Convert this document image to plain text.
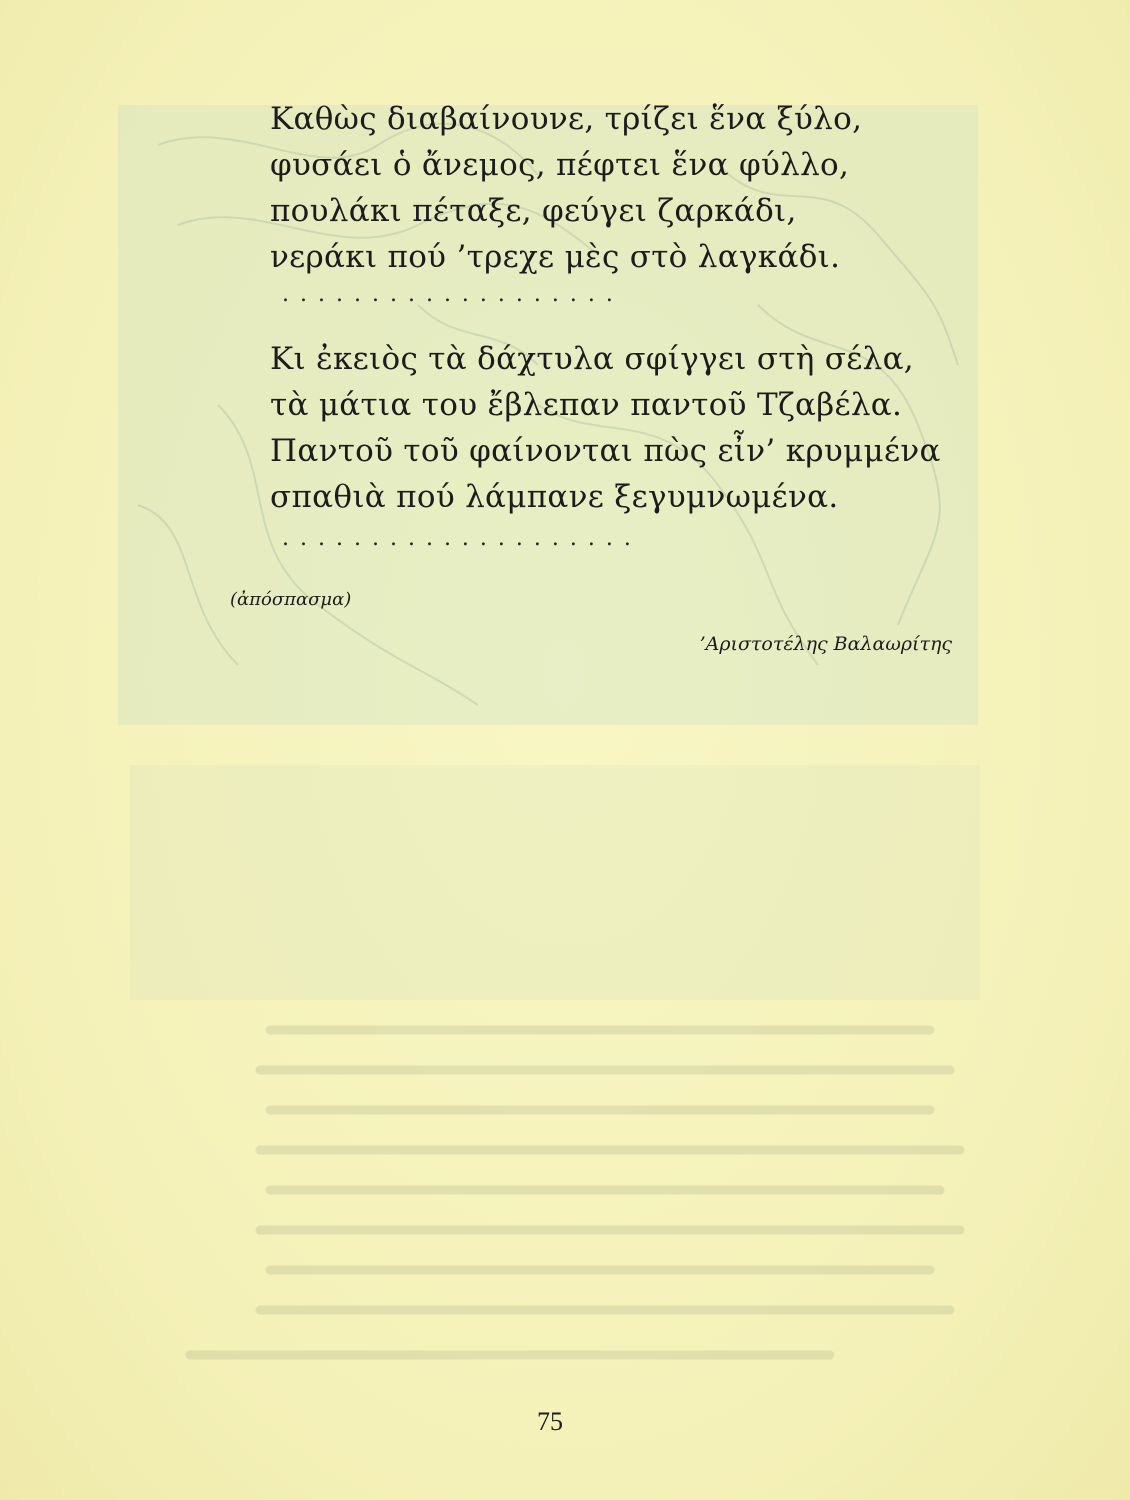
Καθὼς διαβαίνουνε, τρίζει ἕνα ξύλο,
φυσάει ὁ ἄνεμος, πέφτει ἕνα φύλλο,
πουλάκι πέταξε, φεύγει ζαρκάδι,
νεράκι πού ’τρεχε μὲς στὸ λαγκάδι.
...................
Κι ἐκειὸς τὰ δάχτυλα σφίγγει στὴ σέλα,
τὰ μάτια του ἔβλεπαν παντοῦ Τζαβέλα.
Παντοῦ τοῦ φαίνονται πὼς εἶν’ κρυμμένα
σπαθιὰ πού λάμπανε ξεγυμνωμένα.
....................
(ἀπόσπασμα)
’Αριστοτέλης Βαλαωρίτης
75
